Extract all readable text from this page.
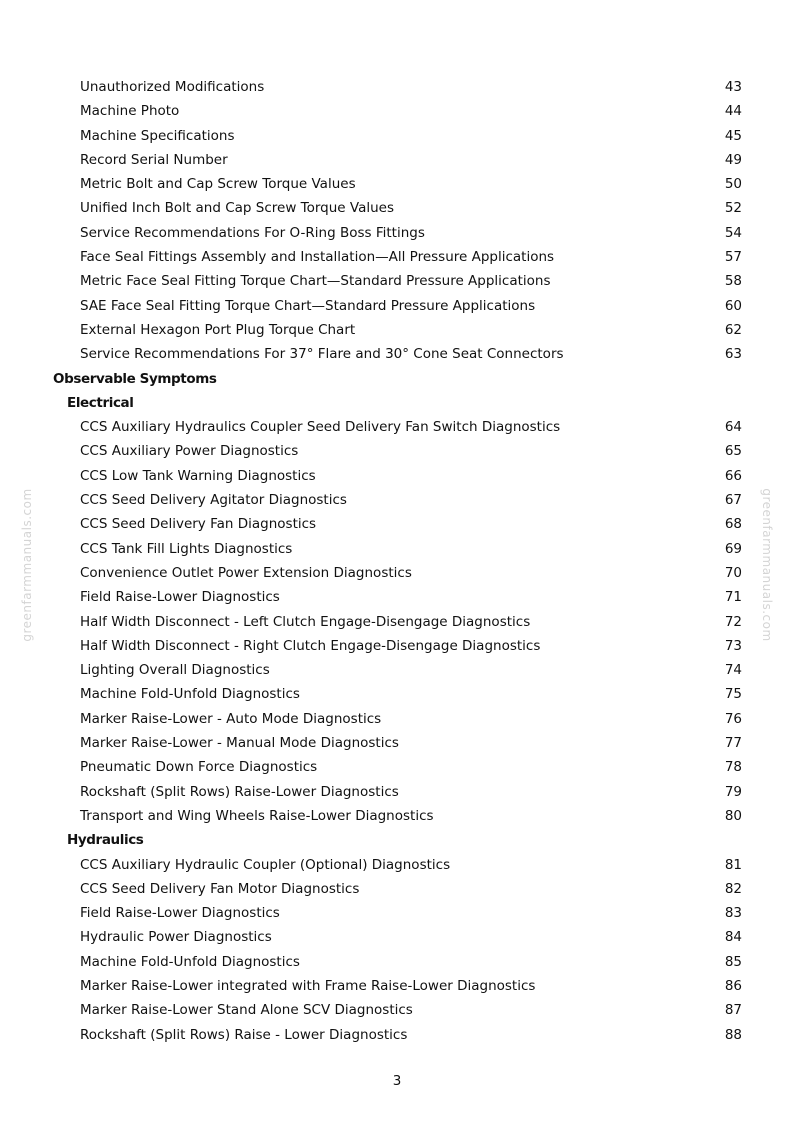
Unauthorized Modifications	43
Machine Photo	44
Machine Specifications	45
Record Serial Number	49
Metric Bolt and Cap Screw Torque Values	50
Unified Inch Bolt and Cap Screw Torque Values	52
Service Recommendations For O-Ring Boss Fittings	54
Face Seal Fittings Assembly and Installation—All Pressure Applications	57
Metric Face Seal Fitting Torque Chart—Standard Pressure Applications	58
SAE Face Seal Fitting Torque Chart—Standard Pressure Applications	60
External Hexagon Port Plug Torque Chart	62
Service Recommendations For 37° Flare and 30° Cone Seat Connectors	63
Observable Symptoms
Electrical
CCS Auxiliary Hydraulics Coupler Seed Delivery Fan Switch Diagnostics	64
CCS Auxiliary Power Diagnostics	65
CCS Low Tank Warning Diagnostics	66
CCS Seed Delivery Agitator Diagnostics	67
CCS Seed Delivery Fan Diagnostics	68
CCS Tank Fill Lights Diagnostics	69
Convenience Outlet Power Extension Diagnostics	70
Field Raise-Lower Diagnostics	71
Half Width Disconnect - Left Clutch Engage-Disengage Diagnostics	72
Half Width Disconnect - Right Clutch Engage-Disengage Diagnostics	73
Lighting Overall Diagnostics	74
Machine Fold-Unfold Diagnostics	75
Marker Raise-Lower - Auto Mode Diagnostics	76
Marker Raise-Lower - Manual Mode Diagnostics	77
Pneumatic Down Force Diagnostics	78
Rockshaft (Split Rows) Raise-Lower Diagnostics	79
Transport and Wing Wheels Raise-Lower Diagnostics	80
Hydraulics
CCS Auxiliary Hydraulic Coupler (Optional) Diagnostics	81
CCS Seed Delivery Fan Motor Diagnostics	82
Field Raise-Lower Diagnostics	83
Hydraulic Power Diagnostics	84
Machine Fold-Unfold Diagnostics	85
Marker Raise-Lower integrated with Frame Raise-Lower Diagnostics	86
Marker Raise-Lower Stand Alone SCV Diagnostics	87
Rockshaft (Split Rows) Raise - Lower Diagnostics	88
greenfarmmanuals.com	greenfarmmanuals.com
3
